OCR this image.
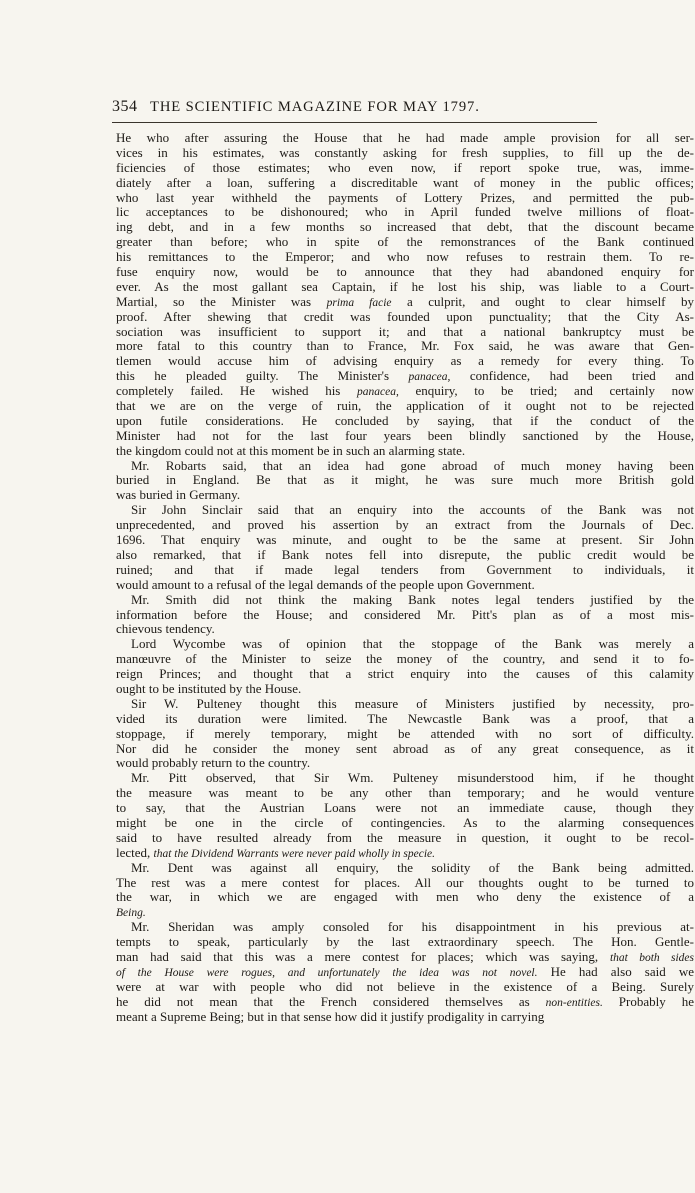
354 THE SCIENTIFIC MAGAZINE FOR MAY 1797.
He who after assuring the House that he had made ample provision for all ser-
vices in his estimates, was constantly asking for fresh supplies, to fill up the de-
ficiencies of those estimates; who even now, if report spoke true, was, imme-
diately after a loan, suffering a discreditable want of money in the public offices;
who last year withheld the payments of Lottery Prizes, and permitted the pub-
lic acceptances to be dishonoured; who in April funded twelve millions of float-
ing debt, and in a few months so increased that debt, that the discount became
greater than before; who in spite of the remonstrances of the Bank continued
his remittances to the Emperor; and who now refuses to restrain them. To re-
fuse enquiry now, would be to announce that they had abandoned enquiry for
ever. As the most gallant sea Captain, if he lost his ship, was liable to a Court-
Martial, so the Minister was prima facie a culprit, and ought to clear himself by
proof. After shewing that credit was founded upon punctuality; that the City As-
sociation was insufficient to support it; and that a national bankruptcy must be
more fatal to this country than to France, Mr. Fox said, he was aware that Gen-
tlemen would accuse him of advising enquiry as a remedy for every thing. To
this he pleaded guilty. The Minister's panacea, confidence, had been tried and
completely failed. He wished his panacea, enquiry, to be tried; and certainly now
that we are on the verge of ruin, the application of it ought not to be rejected
upon futile considerations. He concluded by saying, that if the conduct of the
Minister had not for the last four years been blindly sanctioned by the House,
the kingdom could not at this moment be in such an alarming state.
Mr. Robarts said, that an idea had gone abroad of much money having been
buried in England. Be that as it might, he was sure much more British gold
was buried in Germany.
Sir John Sinclair said that an enquiry into the accounts of the Bank was not
unprecedented, and proved his assertion by an extract from the Journals of Dec.
1696. That enquiry was minute, and ought to be the same at present. Sir John
also remarked, that if Bank notes fell into disrepute, the public credit would be
ruined; and that if made legal tenders from Government to individuals, it
would amount to a refusal of the legal demands of the people upon Government.
Mr. Smith did not think the making Bank notes legal tenders justified by the
information before the House; and considered Mr. Pitt's plan as of a most mis-
chievous tendency.
Lord Wycombe was of opinion that the stoppage of the Bank was merely a
manœuvre of the Minister to seize the money of the country, and send it to fo-
reign Princes; and thought that a strict enquiry into the causes of this calamity
ought to be instituted by the House.
Sir W. Pulteney thought this measure of Ministers justified by necessity, pro-
vided its duration were limited. The Newcastle Bank was a proof, that a
stoppage, if merely temporary, might be attended with no sort of difficulty.
Nor did he consider the money sent abroad as of any great consequence, as it
would probably return to the country.
Mr. Pitt observed, that Sir Wm. Pulteney misunderstood him, if he thought
the measure was meant to be any other than temporary; and he would venture
to say, that the Austrian Loans were not an immediate cause, though they
might be one in the circle of contingencies. As to the alarming consequences
said to have resulted already from the measure in question, it ought to be recol-
lected, that the Dividend Warrants were never paid wholly in specie.
Mr. Dent was against all enquiry, the solidity of the Bank being admitted.
The rest was a mere contest for places. All our thoughts ought to be turned to
the war, in which we are engaged with men who deny the existence of a
Being.
Mr. Sheridan was amply consoled for his disappointment in his previous at-
tempts to speak, particularly by the last extraordinary speech. The Hon. Gentle-
man had said that this was a mere contest for places; which was saying, that both sides
of the House were rogues, and unfortunately the idea was not novel. He had also said we
were at war with people who did not believe in the existence of a Being. Surely
he did not mean that the French considered themselves as non-entities. Probably he
meant a Supreme Being; but in that sense how did it justify prodigality in carrying
